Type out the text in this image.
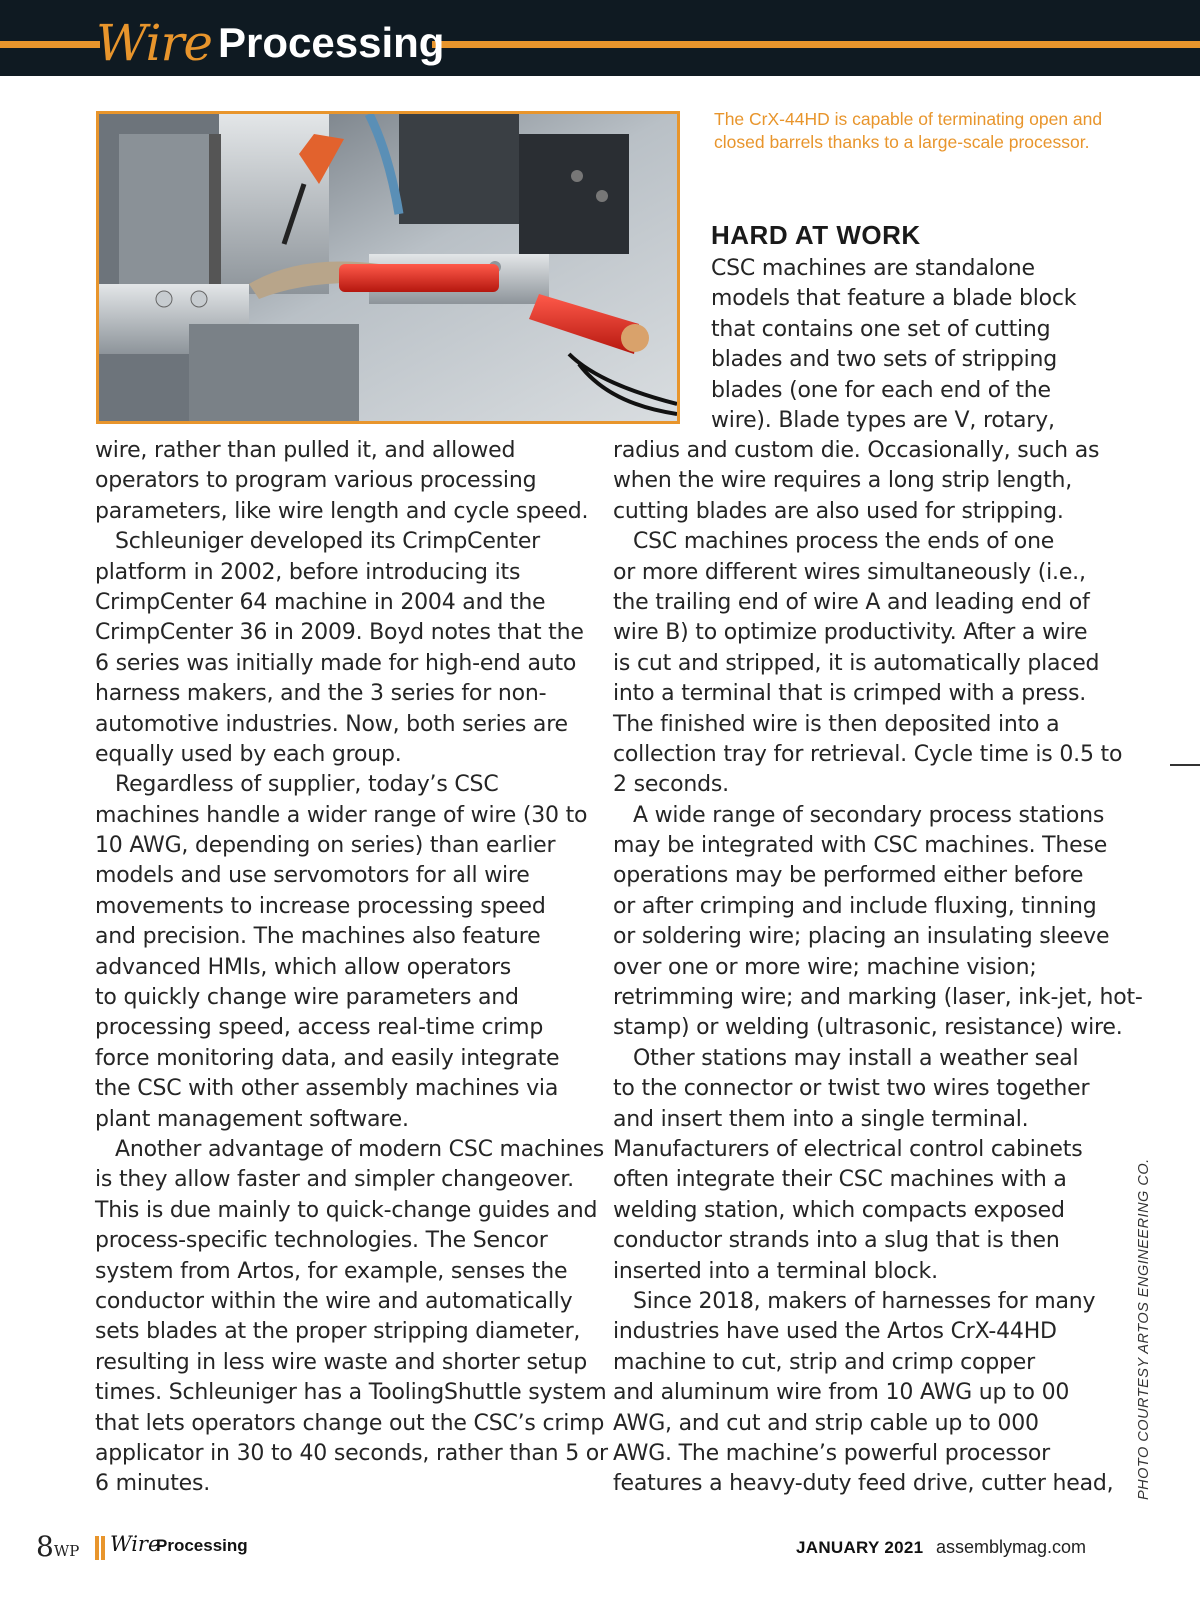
Wire Processing
The CrX-44HD is capable of terminating open and closed barrels thanks to a large-scale processor.
HARD AT WORK
CSC machines are standalone
models that feature a blade block
that contains one set of cutting
blades and two sets of stripping
blades (one for each end of the
wire). Blade types are V, rotary,
wire, rather than pulled it, and allowed
operators to program various processing
parameters, like wire length and cycle speed.
Schleuniger developed its CrimpCenter
platform in 2002, before introducing its
CrimpCenter 64 machine in 2004 and the
CrimpCenter 36 in 2009. Boyd notes that the
6 series was initially made for high-end auto
harness makers, and the 3 series for non-
automotive industries. Now, both series are
equally used by each group.
Regardless of supplier, today’s CSC
machines handle a wider range of wire (30 to
10 AWG, depending on series) than earlier
models and use servomotors for all wire
movements to increase processing speed
and precision. The machines also feature
advanced HMIs, which allow operators
to quickly change wire parameters and
processing speed, access real-time crimp
force monitoring data, and easily integrate
the CSC with other assembly machines via
plant management software.
Another advantage of modern CSC machines
is they allow faster and simpler changeover.
This is due mainly to quick-change guides and
process-specific technologies. The Sencor
system from Artos, for example, senses the
conductor within the wire and automatically
sets blades at the proper stripping diameter,
resulting in less wire waste and shorter setup
times. Schleuniger has a ToolingShuttle system
that lets operators change out the CSC’s crimp
applicator in 30 to 40 seconds, rather than 5 or
6 minutes.
radius and custom die. Occasionally, such as
when the wire requires a long strip length,
cutting blades are also used for stripping.
CSC machines process the ends of one
or more different wires simultaneously (i.e.,
the trailing end of wire A and leading end of
wire B) to optimize productivity. After a wire
is cut and stripped, it is automatically placed
into a terminal that is crimped with a press.
The finished wire is then deposited into a
collection tray for retrieval. Cycle time is 0.5 to
2 seconds.
A wide range of secondary process stations
may be integrated with CSC machines. These
operations may be performed either before
or after crimping and include fluxing, tinning
or soldering wire; placing an insulating sleeve
over one or more wire; machine vision;
retrimming wire; and marking (laser, ink-jet, hot-
stamp) or welding (ultrasonic, resistance) wire.
Other stations may install a weather seal
to the connector or twist two wires together
and insert them into a single terminal.
Manufacturers of electrical control cabinets
often integrate their CSC machines with a
welding station, which compacts exposed
conductor strands into a slug that is then
inserted into a terminal block.
Since 2018, makers of harnesses for many
industries have used the Artos CrX-44HD
machine to cut, strip and crimp copper
and aluminum wire from 10 AWG up to 00
AWG, and cut and strip cable up to 000
AWG. The machine’s powerful processor
features a heavy-duty feed drive, cutter head,	PHOTO COURTESY ARTOS ENGINEERING CO.
8WP Wire
Processing	JANUARY 2021 assemblymag.com
